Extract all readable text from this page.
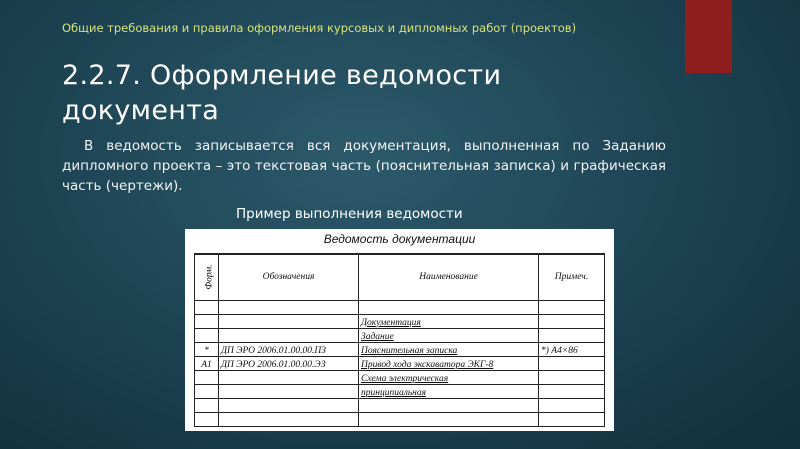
Общие требования и правила оформления курсовых и дипломных работ (проектов)
2.2.7. Оформление ведомости документа

В ведомость записывается вся документация, выполненная по Заданию дипломного проекта – это текстовая часть (пояснительная записка) и графическая часть (чертежи).

Пример выполнения ведомости
Ведомость документации
Форм.	Обозначения	Наименование	Примеч.

		Документация	
		Задание	
*	ДП ЭРО 2006.01.00.00.ПЗ	Пояснительная записка	*) А4×86
А1	ДП ЭРО 2006.01.00.00.ЭЗ	Привод хода экскаватора ЭКГ-8	
		Схема электрическая	
		принципиальная	
